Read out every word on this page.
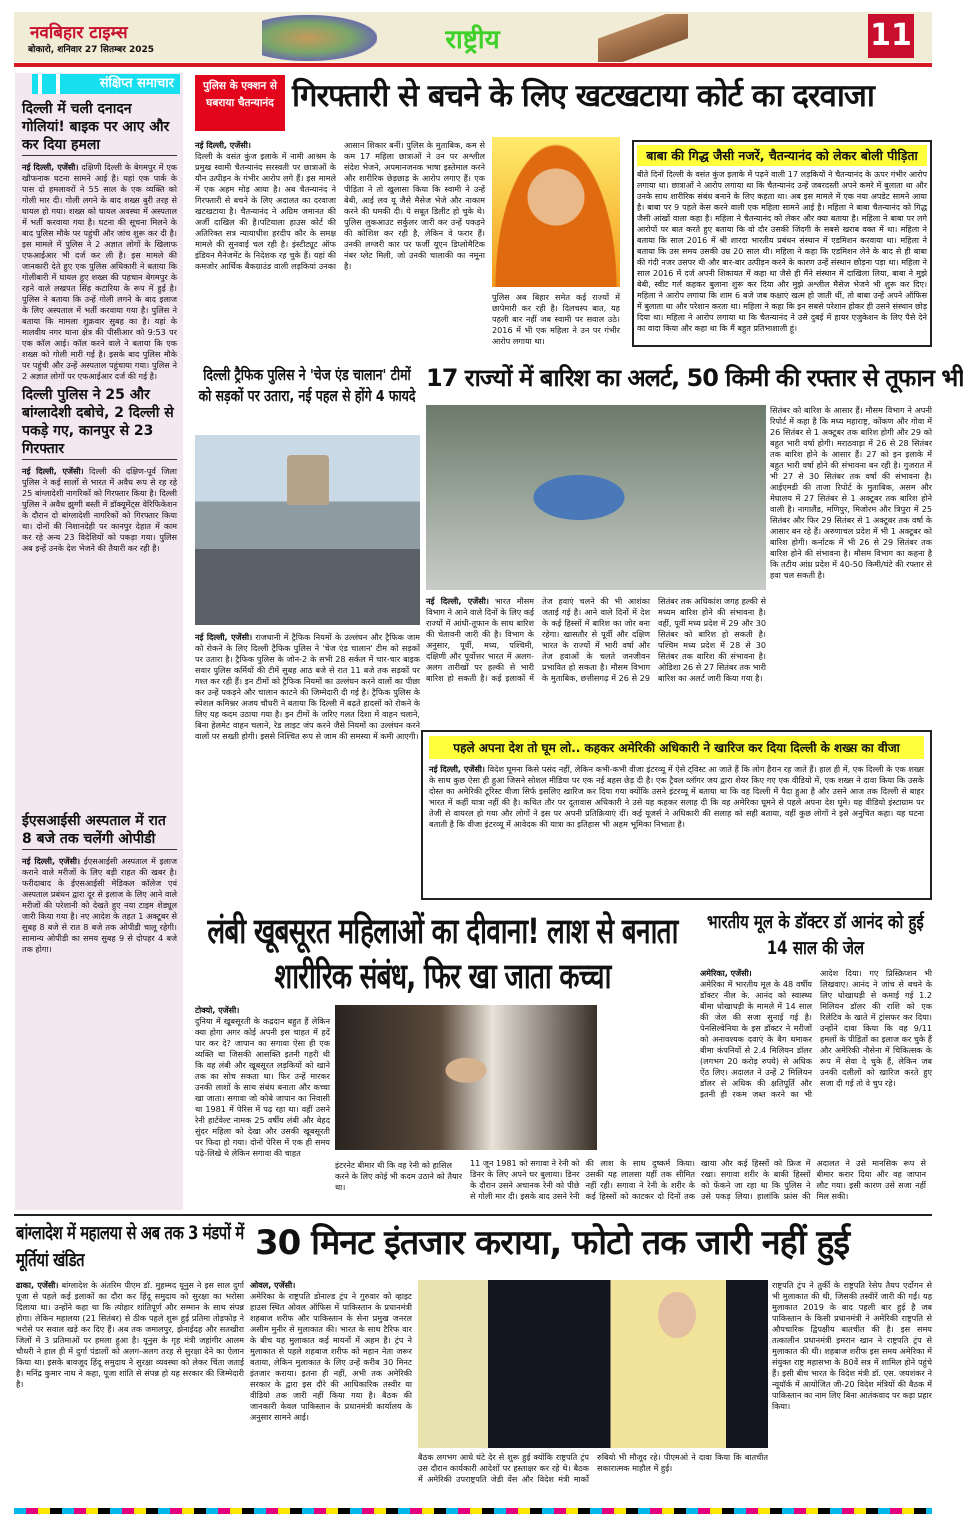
नवबिहार टाइम्स
बोकारो, शनिवार 27 सितम्बर 2025	राष्ट्रीय	11
संक्षिप्त समाचार
दिल्ली में चली दनादन गोलियां! बाइक पर आए और कर दिया हमला

नई दिल्ली, एजेंसी। दक्षिणी दिल्ली के बेगमपुर में एक खौफनाक घटना सामने आई है। यहां एक पार्क के पास दो हमलावरों ने 55 साल के एक व्यक्ति को गोली मार दी। गोली लगने के बाद शख्स बुरी तरह से घायल हो गया। शख्स को घायल अवस्था में अस्पताल में भर्ती करवाया गया है। घटना की सूचना मिलने के बाद पुलिस मौके पर पहुंची और जांच शुरू कर दी है। इस मामले में पुलिस ने 2 अज्ञात लोगों के खिलाफ एफआईआर भी दर्ज कर ली है। इस मामले की जानकारी देते हुए एक पुलिस अधिकारी ने बताया कि गोलीबारी में घायल हुए शख्स की पहचान बेगमपुर के रहने वाले लखपत सिंह कटारिया के रूप में हुई है। पुलिस ने बताया कि उन्हें गोली लगने के बाद इलाज के लिए अस्पताल में भर्ती करवाया गया है। पुलिस ने बताया कि मामला शुक्रवार सुबह का है। यहां के मालवीय नगर थाना क्षेत्र की पीसीआर को 9:53 पर एक कॉल आई। कॉल करने वाले ने बताया कि एक शख्स को गोली मारी गई है। इसके बाद पुलिस मौके पर पहुंची और उन्हें अस्पताल पहुंचाया गया। पुलिस ने 2 अज्ञात लोगों पर एफआईआर दर्ज की गई है।

दिल्ली पुलिस ने 25 और बांग्लादेशी दबोचे, 2 दिल्ली से पकड़े गए, कानपुर से 23 गिरफ्तार

नई दिल्ली, एजेंसी। दिल्ली की दक्षिण-पूर्व जिला पुलिस ने कई सालों से भारत में अवैध रूप से रह रहे 25 बांग्लादेशी नागरिकों को गिरफ्तार किया है। दिल्ली पुलिस ने अवैध झुग्गी बस्ती में डॉक्यूमेंट्स वेरिफिकेशन के दौरान दो बांग्लादेशी नागरिकों को गिरफ्तार किया था। दोनों की निशानदेही पर कानपुर देहात में काम कर रहे अन्य 23 विदेशियों को पकड़ा गया। पुलिस अब इन्हें उनके देश भेजने की तैयारी कर रही है।

ईएसआईसी अस्पताल में रात 8 बजे तक चलेंगी ओपीडी

नई दिल्ली, एजेंसी। ईएसआईसी अस्पताल में इलाज कराने वाले मरीजों के लिए बड़ी राहत की खबर है। फरीदाबाद के ईएसआईसी मेडिकल कॉलेज एवं अस्पताल प्रबंधन द्वारा दूर से इलाज के लिए आने वाले मरीजों की परेशानी को देखते हुए नया टाइम शेड्यूल जारी किया गया है। नए आदेश के तहत 1 अक्टूबर से सुबह 8 बजे से रात 8 बजे तक ओपीडी चालू रहेगी। सामान्य ओपीडी का समय सुबह 9 से दोपहर 4 बजे तक होगा।

पुलिस के एक्शन से घबराया चैतन्यानंद गिरफ्तारी से बचने के लिए खटखटाया कोर्ट का दरवाजा

नई दिल्ली, एजेंसी।
दिल्ली के वसंत कुंज इलाके में नामी आश्रम के प्रमुख स्वामी चैतन्यानंद सरस्वती पर छात्राओं के यौन उत्पीड़न के गंभीर आरोप लगे हैं। इस मामले में एक अहम मोड़ आया है। अब चैतन्यानंद ने गिरफ्तारी से बचने के लिए अदालत का दरवाजा खटखटाया है। चैतन्यानंद ने अग्रिम जमानत की अर्जी दाखिल की है।पटियाला हाउस कोर्ट की अतिरिक्त सत्र न्यायाधीश हरदीप कौर के समक्ष मामले की सुनवाई चल रही है। इंस्टीट्यूट ऑफ इंडियन मैनेजमेंट के निदेशक रह चुके हैं। यहां की कमजोर आर्थिक बैकग्राउंड वाली लड़कियां उनका आसान शिकार बनीं। पुलिस के मुताबिक, कम से कम 17 महिला छात्राओं ने उन पर अश्लील संदेश भेजने, अपमानजनक भाषा इस्तेमाल करने और शारीरिक छेड़छाड़ के आरोप लगाए हैं। एक पीड़िता ने तो खुलासा किया कि स्वामी ने उन्हें बेबी, आई लव यू जैसे मैसेज भेजे और नाकाम करने की धमकी दी। ये सबूत डिलीट हो चुके थे। पुलिस लुकआउट सर्कुलर जारी कर उन्हें पकड़ने की कोशिश कर रही है, लेकिन वे फरार हैं। उनकी लग्जरी कार पर फर्जी यूएन डिप्लोमैटिक नंबर प्लेट मिली, जो उनकी चालाकी का नमूना है।

पुलिस अब बिहार समेत कई राज्यों में छापेमारी कर रही है। दिलचस्प बात, यह पहली बार नहीं जब स्वामी पर सवाल उठे। 2016 में भी एक महिला ने उन पर गंभीर आरोप लगाया था।
बाबा की गिद्ध जैसी नजरें, चैतन्यानंद को लेकर बोली पीड़िता
बीते दिनों दिल्ली के वसंत कुंज इलाके में पढ़ने वाली 17 लड़कियों ने चैतन्यानंद के ऊपर गंभीर आरोप लगाया था। छात्राओं ने आरोप लगाया था कि चैतन्यानंद उन्हें जबरदस्ती अपने कमरे में बुलाता था और उनके साथ शारीरिक संबंध बनाने के लिए कहता था। अब इस मामले में एक नया अपडेट सामने आया है। बाबा पर 9 पहले केस करने वाली एक महिला सामने आई है। महिला ने बाबा चैतन्यानंद को गिद्ध जैसी आंखों वाला कहा है। महिला ने चैतन्यानंद को लेकर और क्या बताया है। महिला ने बाबा पर लगे आरोपों पर बात करते हुए बताया कि वो दौर उसकी जिंदगी के सबसे खराब वक्त में था। महिला ने बताया कि साल 2016 में श्री शारदा भारतीय प्रबंधन संस्थान में एडमिशन करवाया था। महिला ने बताया कि उस समय उसकी उम्र 20 साल थी। महिला ने कहा कि एडमिशन लेने के बाद से ही बाबा की गंदी नजर उसपर थी और बार-बार उत्पीड़न करने के कारण उन्हें संस्थान छोड़ना पड़ा था। महिला ने साल 2016 में दर्ज अपनी शिकायत में कहा था जैसे ही मैंने संस्थान में दाखिला लिया, बाबा ने मुझे बेबी, स्वीट गर्ल कहकर बुलाना शुरू कर दिया और मुझे अश्लील मैसेज भेजने भी शुरू कर दिए। महिला ने आरोप लगाया कि शाम 6 बजे जब कक्षाएं खत्म हो जाती थीं, तो बाबा उन्हें अपने ऑफिस में बुलाता था और परेशान करता था। महिला ने कहा कि इन सबसे परेशान होकर ही उसने संस्थान छोड़ दिया था। महिला ने आरोप लगाया था कि चैतन्यानंद ने उसे दुबई में हायर एजुकेशन के लिए पैसे देने का वादा किया और कहा था कि मैं बहुत प्रतिभाशाली हूं।
दिल्ली ट्रैफिक पुलिस ने 'चेज एंड चालान' टीमों को सड़कों पर उतारा, नई पहल से होंगे 4 फायदे

नई दिल्ली, एजेंसी। राजधानी में ट्रैफिक नियमों के उल्लंघन और ट्रैफिक जाम को रोकने के लिए दिल्ली ट्रैफिक पुलिस ने 'चेज एंड चालान' टीम को सड़कों पर उतारा है। ट्रैफिक पुलिस के जोन-2 के सभी 28 सर्कल में चार-चार बाइक सवार पुलिस कर्मियों की टीमें सुबह आठ बजे से रात 11 बजे तक सड़कों पर गश्त कर रही हैं। इन टीमों को ट्रैफिक नियमों का उल्लंघन करने वालों का पीछा कर उन्हें पकड़ने और चालान काटने की जिम्मेदारी दी गई है। ट्रैफिक पुलिस के स्पेशल कमिश्नर अजय चौधरी ने बताया कि दिल्ली में बढ़ते हादसों को रोकने के लिए यह कदम उठाया गया है। इन टीमों के जरिए गलत दिशा में वाहन चलाने, बिना हेलमेट वाहन चलाने, रेड लाइट जंप करने जैसे नियमों का उल्लंघन करने वालों पर सख्ती होगी। इससे निश्चित रूप से जाम की समस्या में कमी आएगी।

17 राज्यों में बारिश का अलर्ट, 50 किमी की रफ्तार से तूफान भी

नई दिल्ली, एजेंसी। भारत मौसम विभाग ने आने वाले दिनों के लिए कई राज्यों में आंधी-तूफान के साथ बारिश की चेतावनी जारी की है। विभाग के अनुसार, पूर्वी, मध्य, पश्चिमी, दक्षिणी और पूर्वोत्तर भारत में अलग-अलग तारीखों पर हल्की से भारी बारिश हो सकती है। कई इलाकों में तेज हवाएं चलने की भी आशंका जताई गई है। आने वाले दिनों में देश के कई हिस्सों में बारिश का जोर बना रहेगा। खासतौर से पूर्वी और दक्षिण भारत के राज्यों में भारी वर्षा और तेज हवाओं के चलते जनजीवन प्रभावित हो सकता है। मौसम विभाग के मुताबिक, छत्तीसगढ़ में 26 से 29 सितंबर तक अधिकांश जगह हल्की से मध्यम बारिश होने की संभावना है। वहीं, पूर्वी मध्य प्रदेश में 29 और 30 सितंबर को बारिश हो सकती है। पश्चिम मध्य प्रदेश में 28 से 30 सितंबर तक बारिश की संभावना है। ओडिशा 26 से 27 सितंबर तक भारी बारिश का अलर्ट जारी किया गया है।

सितंबर को बारिश के आसार हैं। मौसम विभाग ने अपनी रिपोर्ट में कहा है कि मध्य महाराष्ट्र, कोंकण और गोवा में 26 सितंबर से 1 अक्टूबर तक बारिश होगी और 29 को बहुत भारी वर्षा होगी। मराठवाड़ा में 26 से 28 सितंबर तक बारिश होने के आसार हैं। 27 को इन इलाके में बहुत भारी वर्षा होने की संभावना बन रही है। गुजरात में भी 27 से 30 सितंबर तक वर्षा की संभावना है। आईएमडी की ताजा रिपोर्ट के मुताबिक, असम और मेघालय में 27 सितंबर से 1 अक्टूबर तक बारिश होने वाली है। नागालैंड, मणिपुर, मिजोरम और त्रिपुरा में 25 सितंबर और फिर 29 सितंबर से 1 अक्टूबर तक वर्षा के आसार बन रहे हैं। अरुणाचल प्रदेश में भी 1 अक्टूबर को बारिश होगी। कर्नाटक में भी 26 से 29 सितंबर तक बारिश होने की संभावना है। मौसम विभाग का कहना है कि तटीय आंध्र प्रदेश में 40-50 किमी/घंटे की रफ्तार से हवा चल सकती है।
पहले अपना देश तो घूम लो.. कहकर अमेरिकी अधिकारी ने खारिज कर दिया दिल्ली के शख्स का वीजा

नई दिल्ली, एजेंसी। विदेश घूमना किसे पसंद नहीं, लेकिन कभी-कभी वीजा इंटरव्यू में ऐसे ट्विस्ट आ जाते हैं कि लोग हैरान रह जाते हैं। हाल ही में, एक दिल्ली के एक शख्स के साथ कुछ ऐसा ही हुआ जिसने सोशल मीडिया पर एक नई बहस छेड़ दी है। एक ट्रैवल व्लॉगर जय द्वारा शेयर किए गए एक वीडियो में, एक शख्स ने दावा किया कि उसके दोस्त का अमेरिकी टूरिस्ट वीजा सिर्फ इसलिए खारिज कर दिया गया क्योंकि उसने इंटरव्यू में बताया था कि वह दिल्ली में पैदा हुआ है और उसने आज तक दिल्ली से बाहर भारत में कहीं यात्रा नहीं की है। कथित तौर पर दूतावास अधिकारी ने उसे यह कहकर सलाह दी कि वह अमेरिका घूमने से पहले अपना देश घूमे। यह वीडियो इंस्टाग्राम पर तेजी से वायरल हो गया और लोगों ने इस पर अपनी प्रतिक्रियाएं दीं। कई यूजर्स ने अधिकारी की सलाह को सही बताया, वहीं कुछ लोगों ने इसे अनुचित कहा। यह घटना बताती है कि वीजा इंटरव्यू में आवेदक की यात्रा का इतिहास भी अहम भूमिका निभाता है।

लंबी खूबसूरत महिलाओं का दीवाना! लाश से बनाता शारीरिक संबंध, फिर खा जाता कच्चा

टोक्यो, एजेंसी।
दुनिया में खूबसूरती के कद्रदान बहुत हैं लेकिन क्या होगा अगर कोई अपनी इस चाहत में हदें पार कर दे? जापान का सगावा ऐसा ही एक व्यक्ति था जिसकी आसक्ति इतनी गहरी थी कि वह लंबी और खूबसूरत लड़कियों को खाने तक का सोच सकता था। फिर उन्हें मारकर उनकी लाशों के साथ संबंध बनाता और कच्चा खा जाता। सगावा जो कोबे जापान का निवासी था 1981 में पेरिस में पढ़ रहा था। वहीं उसने रेनी हार्टवेल्ट नामक 25 वर्षीय लंबी और बेहद सुंदर महिला को देखा और उसकी खूबसूरती पर फिदा हो गया। दोनों पेरिस में एक ही समय पढ़े-लिखे थे लेकिन सगावा की चाहत

इंटरनेट बीमार थी कि वह रेनी को हासिल करने के लिए कोई भी कदम उठाने को तैयार था।
11 जून 1981 को सगावा ने रेनी को डिनर के लिए अपने घर बुलाया। डिनर के दौरान उसने अचानक रेनी को पीछे से गोली मार दी। इसके बाद उसने रेनी की लाश के साथ दुष्कर्म किया। उसकी यह लालसा यहीं तक सीमित नहीं रही। सगावा ने रेनी के शरीर के कई हिस्सों को काटकर दो दिनों तक खाया और कई हिस्सों को फ्रिज में रखा। सगावा शरीर के बाकी हिस्सों को फेंकने जा रहा था कि पुलिस ने उसे पकड़ लिया। हालांकि फ्रांस की अदालत ने उसे मानसिक रूप से बीमार करार दिया और वह जापान लौट गया। इसी कारण उसे सजा नहीं मिल सकी।
भारतीय मूल के डॉक्टर डॉ आनंद को हुई 14 साल की जेल

अमेरिका, एजेंसी।
अमेरिका में भारतीय मूल के 48 वर्षीय डॉक्टर नील के. आनंद को स्वास्थ्य बीमा धोखाधड़ी के मामले में 14 साल की जेल की सजा सुनाई गई है। पेनसिल्वेनिया के इस डॉक्टर ने मरीजों को अनावश्यक दवाएं के बैग थमाकर बीमा कंपनियों से 2.4 मिलियन डॉलर (लगभग 20 करोड़ रुपये) से अधिक ऐंठ लिए। अदालत ने उन्हें 2 मिलियन डॉलर से अधिक की क्षतिपूर्ति और इतनी ही रकम जब्त करने का भी आदेश दिया। गए प्रिस्क्रिप्शन भी लिखवाए। आनंद ने जांच से बचने के लिए धोखाधड़ी से कमाई गई 1.2 मिलियन डॉलर की राशि को एक रिलेटिव के खाते में ट्रांसफर कर दिया। उन्होंने दावा किया कि वह 9/11 हमलों के पीड़ितों का इलाज कर चुके हैं और अमेरिकी नौसेना में चिकित्सक के रूप में सेवा दे चुके हैं, लेकिन जब उनकी दलीलों को खारिज करते हुए सजा दी गई तो वे चुप रहे।

बांग्लादेश में महालया से अब तक 3 मंडपों में मूर्तियां खंडित

ढाका, एजेंसी। बांग्लादेश के अंतरिम पीएम डॉ. मुहम्मद यूनुस ने इस साल दुर्गा पूजा से पहले कई इलाकों का दौरा कर हिंदू समुदाय को सुरक्षा का भरोसा दिलाया था। उन्होंने कहा था कि त्योहार शांतिपूर्ण और सम्मान के साथ संपन्न होगा। लेकिन महालया (21 सितंबर) से ठीक पहले शुरू हुई प्रतिमा तोड़फोड़ ने भरोसे पर सवाल खड़े कर दिए हैं। अब तक जमालपुर, झेनाईदह और सतखीरा जिलों में 3 प्रतिमाओं पर हमला हुआ है। यूनुस के गृह मंत्री जहांगीर आलम चौधरी ने हाल ही में दुर्गा पंडालों को अलग-अलग तरह से सुरक्षा देने का ऐलान किया था। इसके बावजूद हिंदू समुदाय ने सुरक्षा व्यवस्था को लेकर चिंता जताई है। मनिंद्र कुमार नाथ ने कहा, पूजा शांति से संपन्न हो यह सरकार की जिम्मेदारी है।

30 मिनट इंतजार कराया, फोटो तक जारी नहीं हुई

ओवल, एजेंसी।
अमेरिका के राष्ट्रपति डोनाल्ड ट्रंप ने गुरुवार को व्हाइट हाउस स्थित ओवल ऑफिस में पाकिस्तान के प्रधानमंत्री शहबाज शरीफ और पाकिस्तान के सेना प्रमुख जनरल असीम मुनीर से मुलाकात की। भारत के साथ टैरिफ वार के बीच यह मुलाकात कई मायनों में अहम है। ट्रंप ने मुलाकात से पहले शहबाज शरीफ को महान नेता जरूर बताया, लेकिन मुलाकात के लिए उन्हें करीब 30 मिनट इंतजार कराया। इतना ही नहीं, अभी तक अमेरिकी सरकार के द्वारा इस दौरे की आधिकारिक तस्वीर या वीडियो तक जारी नहीं किया गया है। बैठक की जानकारी केवल पाकिस्तान के प्रधानमंत्री कार्यालय के अनुसार सामने आई।

बैठक लगभग आधे घंटे देर से शुरू हुई क्योंकि राष्ट्रपति ट्रंप उस दौरान कार्यकारी आदेशों पर हस्ताक्षर कर रहे थे। बैठक में अमेरिकी उपराष्ट्रपति जेडी वेंस और विदेश मंत्री मार्को रुबियो भी मौजूद रहे। पीएमओ ने दावा किया कि बातचीत सकारात्मक माहौल में हुई।
राष्ट्रपति ट्रंप ने तुर्की के राष्ट्रपति रेसेप तैयप एर्दोगन से भी मुलाकात की थी, जिसकी तस्वीरें जारी की गईं। यह मुलाकात 2019 के बाद पहली बार हुई है जब पाकिस्तान के किसी प्रधानमंत्री ने अमेरिकी राष्ट्रपति से औपचारिक द्विपक्षीय बातचीत की है। इस समय तत्कालीन प्रधानमंत्री इमरान खान ने राष्ट्रपति ट्रंप से मुलाकात की थी। शहबाज शरीफ इस समय अमेरिका में संयुक्त राष्ट्र महासभा के 80वें सत्र में शामिल होने पहुंचे हैं। इसी बीच भारत के विदेश मंत्री डॉ. एस. जयशंकर ने न्यूयॉर्क में आयोजित जी-20 विदेश मंत्रियों की बैठक में पाकिस्तान का नाम लिए बिना आतंकवाद पर कड़ा प्रहार किया।
